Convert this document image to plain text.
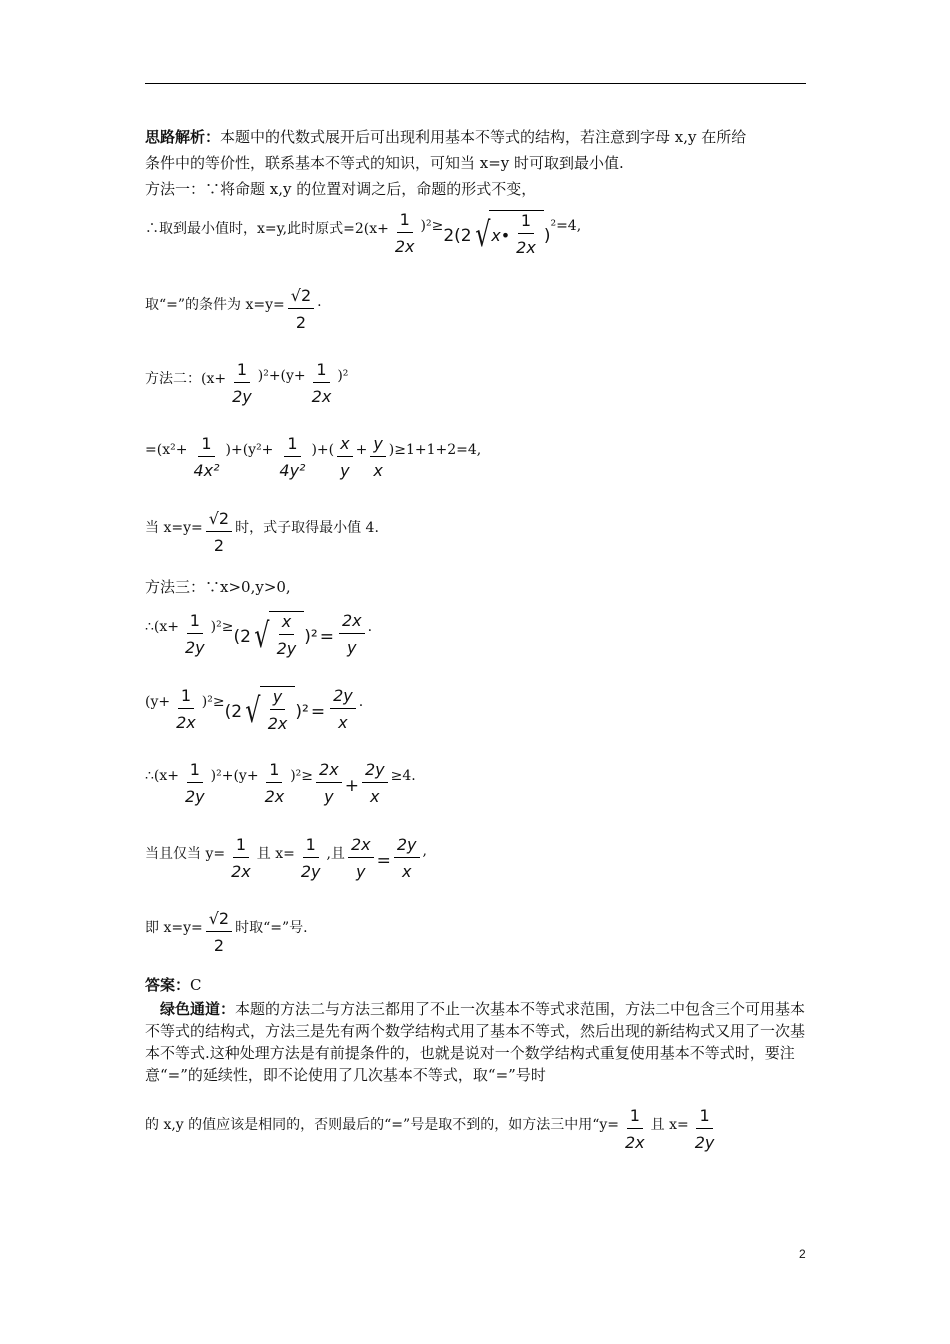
思路解析：本题中的代数式展开后可出现利用基本不等式的结构，若注意到字母 x,y 在所给
条件中的等价性，联系基本不等式的知识，可知当 x=y 时可取到最小值.
方法一：∵将命题 x,y 的位置对调之后，命题的形式不变，
∴取到最小值时，x=y,此时原式$=2(x+ \frac{1}{2x} )^2\ge 2(2$ √ x• $\frac{1}{2x}$ ) ²=4,
取“=”的条件为 $x=y= \frac{√2}{2}$ .
方法二：$(x+ \frac{1}{2y} )^2+(y+ \frac{1}{2x} )^2$
$=(x^2+ \frac{1}{\text{4x²}} )+(y^2+ \frac{1}{\text{4y²}}$ )+( $\frac{x}{y} + \frac{y}{x} )\ge 1+1+2=4$,
当 $x=y= \frac{√2}{2}$ 时，式子取得最小值 4.
方法三：∵x>0,y>0,
∴(x+ $\frac{1}{2y} )^2\ge (2$ √ $\frac{x}{2y} )^2 = \frac{2x}{y}$ .
$(y+ \frac{1}{2x} )^2\ge (2$ √ $\frac{y}{2x} )^2 = \frac{2y}{x}$ .
∴(x+ $\frac{1}{2y} )^2+(y+ \frac{1}{2x} )^2\ge \frac{2x}{y} + \frac{2y}{x} \ge 4$.
当且仅当 $y= \frac{1}{2x}$ 且 $x= \frac{1}{2y}$ ,且 $\frac{2x}{y} = \frac{2y}{x}$ ,
即 $x=y= \frac{√2}{2}$ 时取“=”号.
答案：C
绿色通道：本题的方法二与方法三都用了不止一次基本不等式求范围，方法二中包含三个可用基本不等式的结构式，方法三是先有两个数学结构式用了基本不等式，然后出现的新结构式又用了一次基本不等式.这种处理方法是有前提条件的，也就是说对一个数学结构式重复使用基本不等式时，要注意“=”的延续性，即不论使用了几次基本不等式，取“=”号时
的 x,y 的值应该是相同的，否则最后的“=”号是取不到的，如方法三中用“$y= \frac{1}{2x}$ 且 $x= \frac{1}{2y}$
2
